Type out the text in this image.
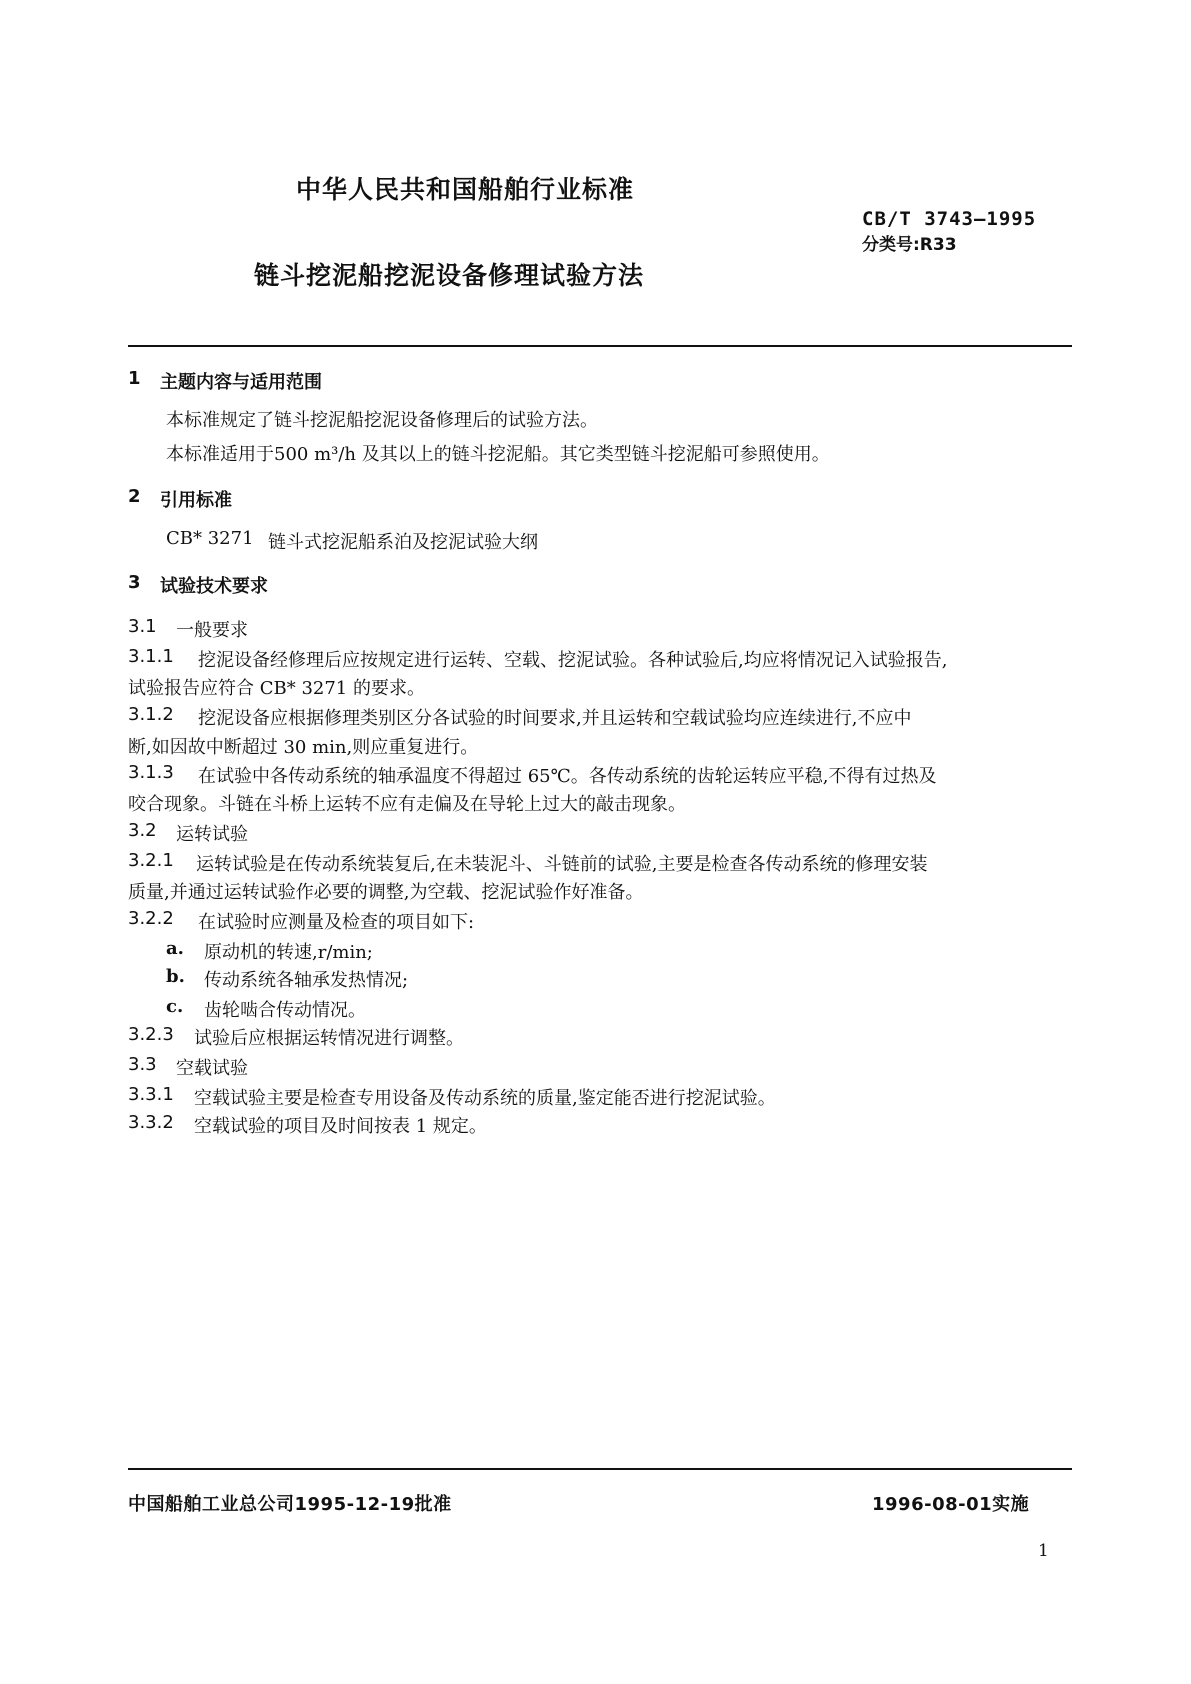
中华人民共和国船舶行业标准
CB/T 3743—1995
分类号:R33
链斗挖泥船挖泥设备修理试验方法
1 主题内容与适用范围
本标准规定了链斗挖泥船挖泥设备修理后的试验方法。
本标准适用于500 m³/h 及其以上的链斗挖泥船。其它类型链斗挖泥船可参照使用。
2 引用标准
CB* 3271 链斗式挖泥船系泊及挖泥试验大纲
3 试验技术要求
3.1 一般要求
3.1.1 挖泥设备经修理后应按规定进行运转、空载、挖泥试验。各种试验后,均应将情况记入试验报告,
试验报告应符合 CB* 3271 的要求。
3.1.2 挖泥设备应根据修理类别区分各试验的时间要求,并且运转和空载试验均应连续进行,不应中
断,如因故中断超过 30 min,则应重复进行。
3.1.3 在试验中各传动系统的轴承温度不得超过 65℃。各传动系统的齿轮运转应平稳,不得有过热及
咬合现象。斗链在斗桥上运转不应有走偏及在导轮上过大的敲击现象。
3.2 运转试验
3.2.1 运转试验是在传动系统装复后,在未装泥斗、斗链前的试验,主要是检查各传动系统的修理安装
质量,并通过运转试验作必要的调整,为空载、挖泥试验作好准备。
3.2.2 在试验时应测量及检查的项目如下:
a. 原动机的转速,r/min;
b. 传动系统各轴承发热情况;
c. 齿轮啮合传动情况。
3.2.3 试验后应根据运转情况进行调整。
3.3 空载试验
3.3.1 空载试验主要是检查专用设备及传动系统的质量,鉴定能否进行挖泥试验。
3.3.2 空载试验的项目及时间按表 1 规定。
中国船舶工业总公司1995-12-19批准	1996-08-01实施
1
